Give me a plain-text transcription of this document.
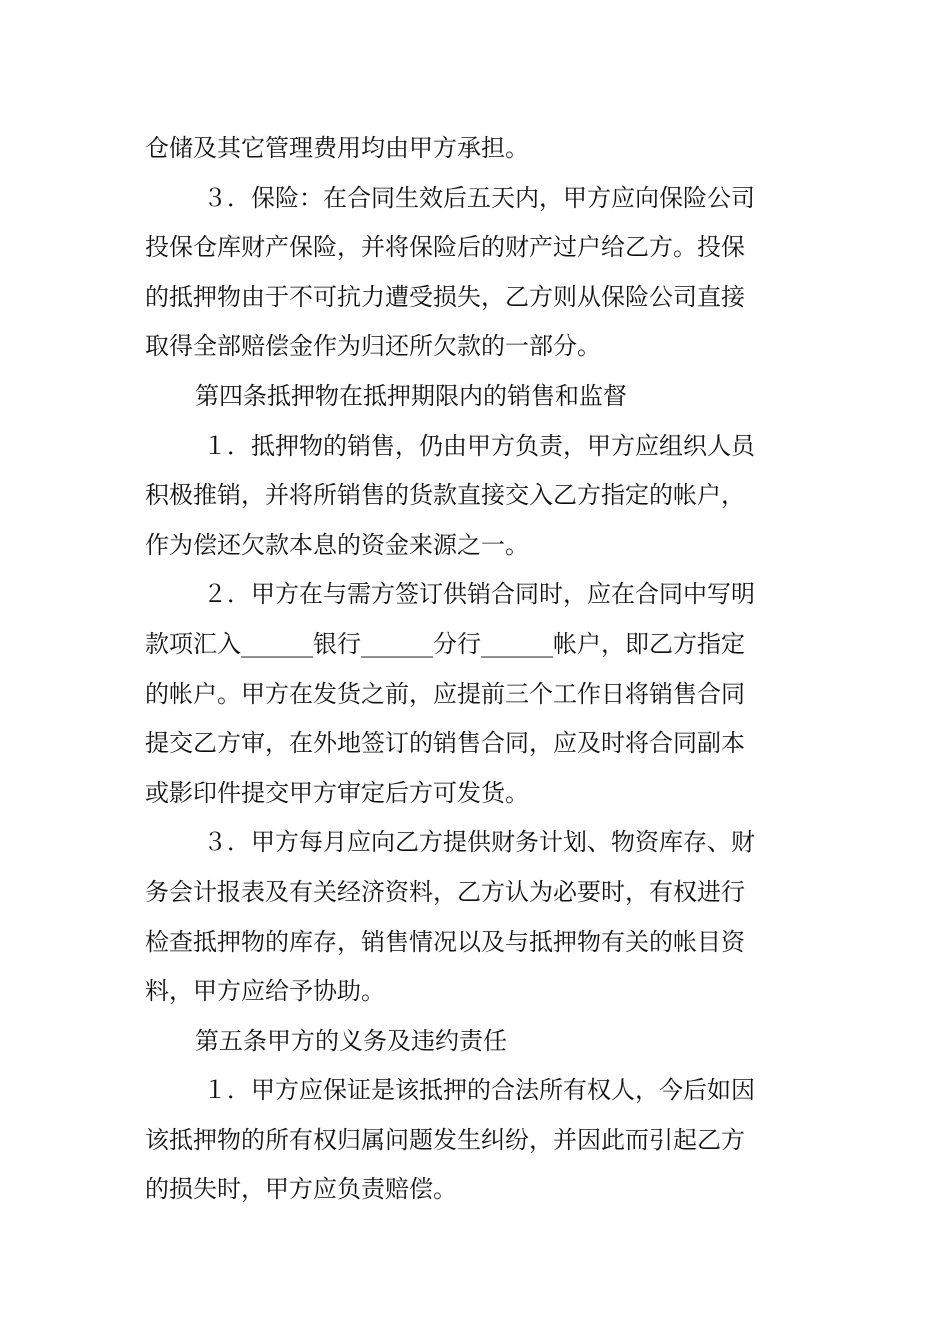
仓储及其它管理费用均由甲方承担。
３．保险：在合同生效后五天内，甲方应向保险公司
投保仓库财产保险，并将保险后的财产过户给乙方。投保
的抵押物由于不可抗力遭受损失，乙方则从保险公司直接
取得全部赔偿金作为归还所欠款的一部分。
第四条抵押物在抵押期限内的销售和监督
１．抵押物的销售，仍由甲方负责，甲方应组织人员
积极推销，并将所销售的货款直接交入乙方指定的帐户，
作为偿还欠款本息的资金来源之一。
２．甲方在与需方签订供销合同时，应在合同中写明
款项汇入______银行______分行______帐户，即乙方指定
的帐户。甲方在发货之前，应提前三个工作日将销售合同
提交乙方审，在外地签订的销售合同，应及时将合同副本
或影印件提交甲方审定后方可发货。
３．甲方每月应向乙方提供财务计划、物资库存、财
务会计报表及有关经济资料，乙方认为必要时，有权进行
检查抵押物的库存，销售情况以及与抵押物有关的帐目资
料，甲方应给予协助。
第五条甲方的义务及违约责任
１．甲方应保证是该抵押的合法所有权人，今后如因
该抵押物的所有权归属问题发生纠纷，并因此而引起乙方
的损失时，甲方应负责赔偿。
